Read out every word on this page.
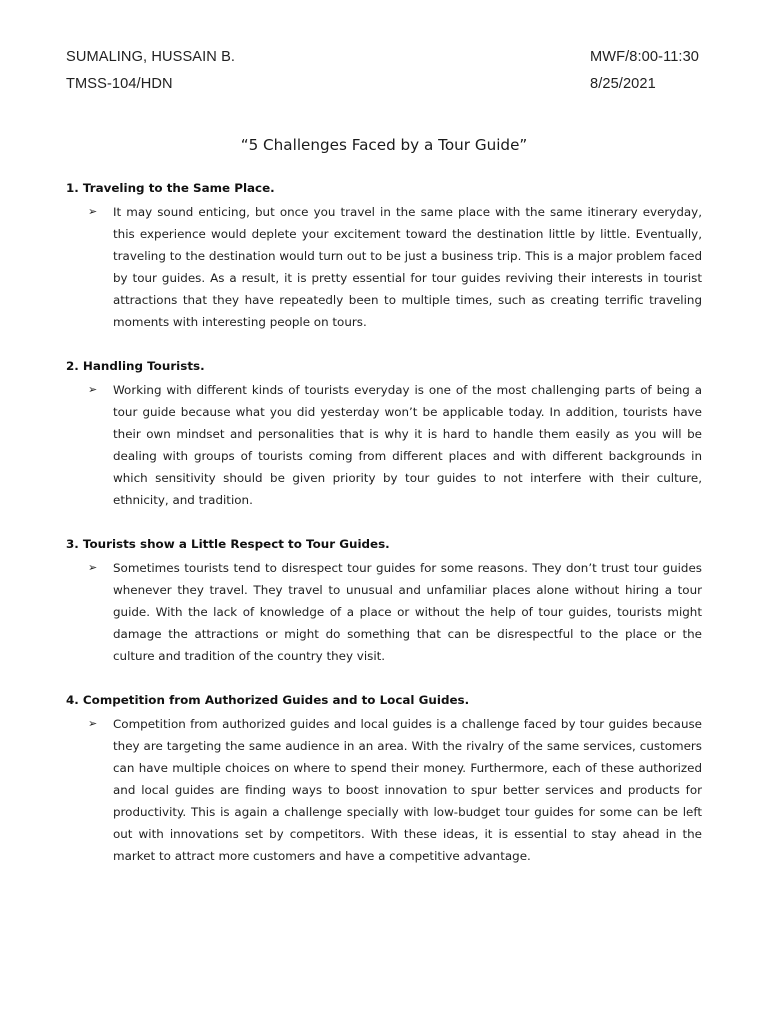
SUMALING, HUSSAIN B.	MWF/8:00-11:30
TMSS-104/HDN	8/25/2021
“5 Challenges Faced by a Tour Guide”
1. Traveling to the Same Place.
➢ It may sound enticing, but once you travel in the same place with the same itinerary everyday, this experience would deplete your excitement toward the destination little by little. Eventually, traveling to the destination would turn out to be just a business trip. This is a major problem faced by tour guides. As a result, it is pretty essential for tour guides reviving their interests in tourist attractions that they have repeatedly been to multiple times, such as creating terrific traveling moments with interesting people on tours.
2. Handling Tourists.
➢ Working with different kinds of tourists everyday is one of the most challenging parts of being a tour guide because what you did yesterday won’t be applicable today. In addition, tourists have their own mindset and personalities that is why it is hard to handle them easily as you will be dealing with groups of tourists coming from different places and with different backgrounds in which sensitivity should be given priority by tour guides to not interfere with their culture, ethnicity, and tradition.
3. Tourists show a Little Respect to Tour Guides.
➢ Sometimes tourists tend to disrespect tour guides for some reasons. They don’t trust tour guides whenever they travel. They travel to unusual and unfamiliar places alone without hiring a tour guide. With the lack of knowledge of a place or without the help of tour guides, tourists might damage the attractions or might do something that can be disrespectful to the place or the culture and tradition of the country they visit.
4. Competition from Authorized Guides and to Local Guides.
➢ Competition from authorized guides and local guides is a challenge faced by tour guides because they are targeting the same audience in an area. With the rivalry of the same services, customers can have multiple choices on where to spend their money. Furthermore, each of these authorized and local guides are finding ways to boost innovation to spur better services and products for productivity. This is again a challenge specially with low-budget tour guides for some can be left out with innovations set by competitors. With these ideas, it is essential to stay ahead in the market to attract more customers and have a competitive advantage.
